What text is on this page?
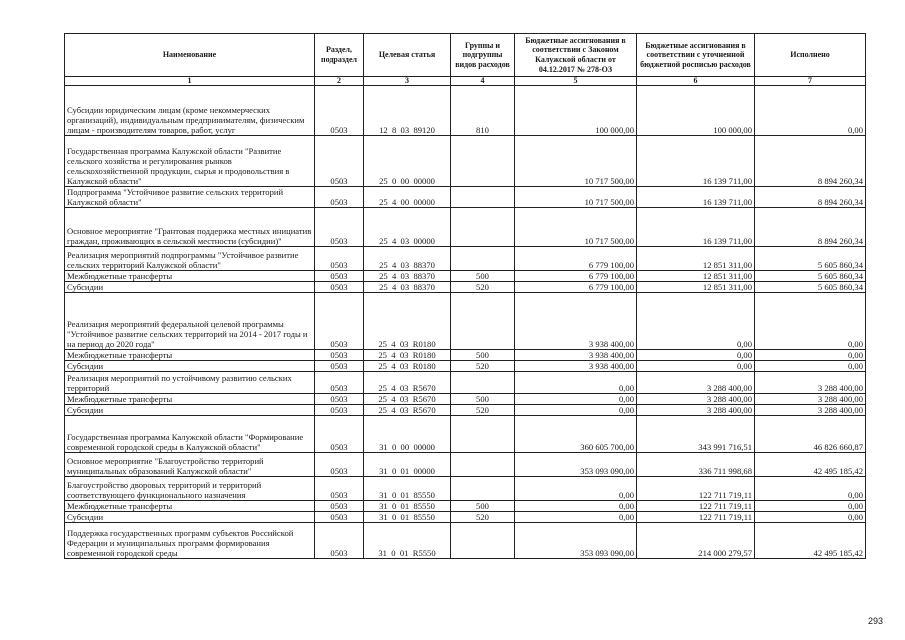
Наименование	Раздел, подраздел	Целевая статья	Группы и подгруппы видов расходов	Бюджетные ассигнования в соответствии с Законом Калужской области от 04.12.2017 № 278-ОЗ	Бюджетные ассигнования в соответствии с уточненной бюджетной росписью расходов	Исполнено
1	2	3	4	5	6	7
Субсидии юридическим лицам (кроме некоммерческих организаций), индивидуальным предпринимателям, физическим лицам - производителям товаров, работ, услуг	0503	12  8  03  89120	810	100 000,00	100 000,00	0,00
Государственная программа Калужской области "Развитие сельского хозяйства и регулирования рынков сельскохозяйственной продукции, сырья и продовольствия в Калужской области"	0503	25  0  00  00000		10 717 500,00	16 139 711,00	8 894 260,34
Подпрограмма "Устойчивое развитие сельских территорий Калужской области"	0503	25  4  00  00000		10 717 500,00	16 139 711,00	8 894 260,34
Основное мероприятие "Грантовая поддержка местных инициатив граждан, проживающих в сельской местности (субсидии)"	0503	25  4  03  00000		10 717 500,00	16 139 711,00	8 894 260,34
Реализация мероприятий подпрограммы "Устойчивое развитие сельских территорий Калужской области"	0503	25  4  03  88370		6 779 100,00	12 851 311,00	5 605 860,34
Межбюджетные трансферты	0503	25  4  03  88370	500	6 779 100,00	12 851 311,00	5 605 860,34
Субсидии	0503	25  4  03  88370	520	6 779 100,00	12 851 311,00	5 605 860,34
Реализация мероприятий федеральной целевой программы "Устойчивое развитие сельских территорий на 2014 - 2017 годы и на период до 2020 года"	0503	25  4  03  R0180		3 938 400,00	0,00	0,00
Межбюджетные трансферты	0503	25  4  03  R0180	500	3 938 400,00	0,00	0,00
Субсидии	0503	25  4  03  R0180	520	3 938 400,00	0,00	0,00
Реализация мероприятий по устойчивому развитию сельских территорий	0503	25  4  03  R5670		0,00	3 288 400,00	3 288 400,00
Межбюджетные трансферты	0503	25  4  03  R5670	500	0,00	3 288 400,00	3 288 400,00
Субсидии	0503	25  4  03  R5670	520	0,00	3 288 400,00	3 288 400,00
Государственная программа Калужской области "Формирование современной городской среды в Калужской области"	0503	31  0  00  00000		360 605 700,00	343 991 716,51	46 826 660,87
Основное мероприятие "Благоустройство территорий муниципальных образований Калужской области"	0503	31  0  01  00000		353 093 090,00	336 711 998,68	42 495 185,42
Благоустройство дворовых территорий и территорий соответствующего функционального назначения	0503	31  0  01  85550		0,00	122 711 719,11	0,00
Межбюджетные трансферты	0503	31  0  01  85550	500	0,00	122 711 719,11	0,00
Субсидии	0503	31  0  01  85550	520	0,00	122 711 719,11	0,00
Поддержка государственных программ субъектов Российской Федерации и муниципальных программ формирования современной городской среды	0503	31  0  01  R5550		353 093 090,00	214 000 279,57	42 495 185,42
293
